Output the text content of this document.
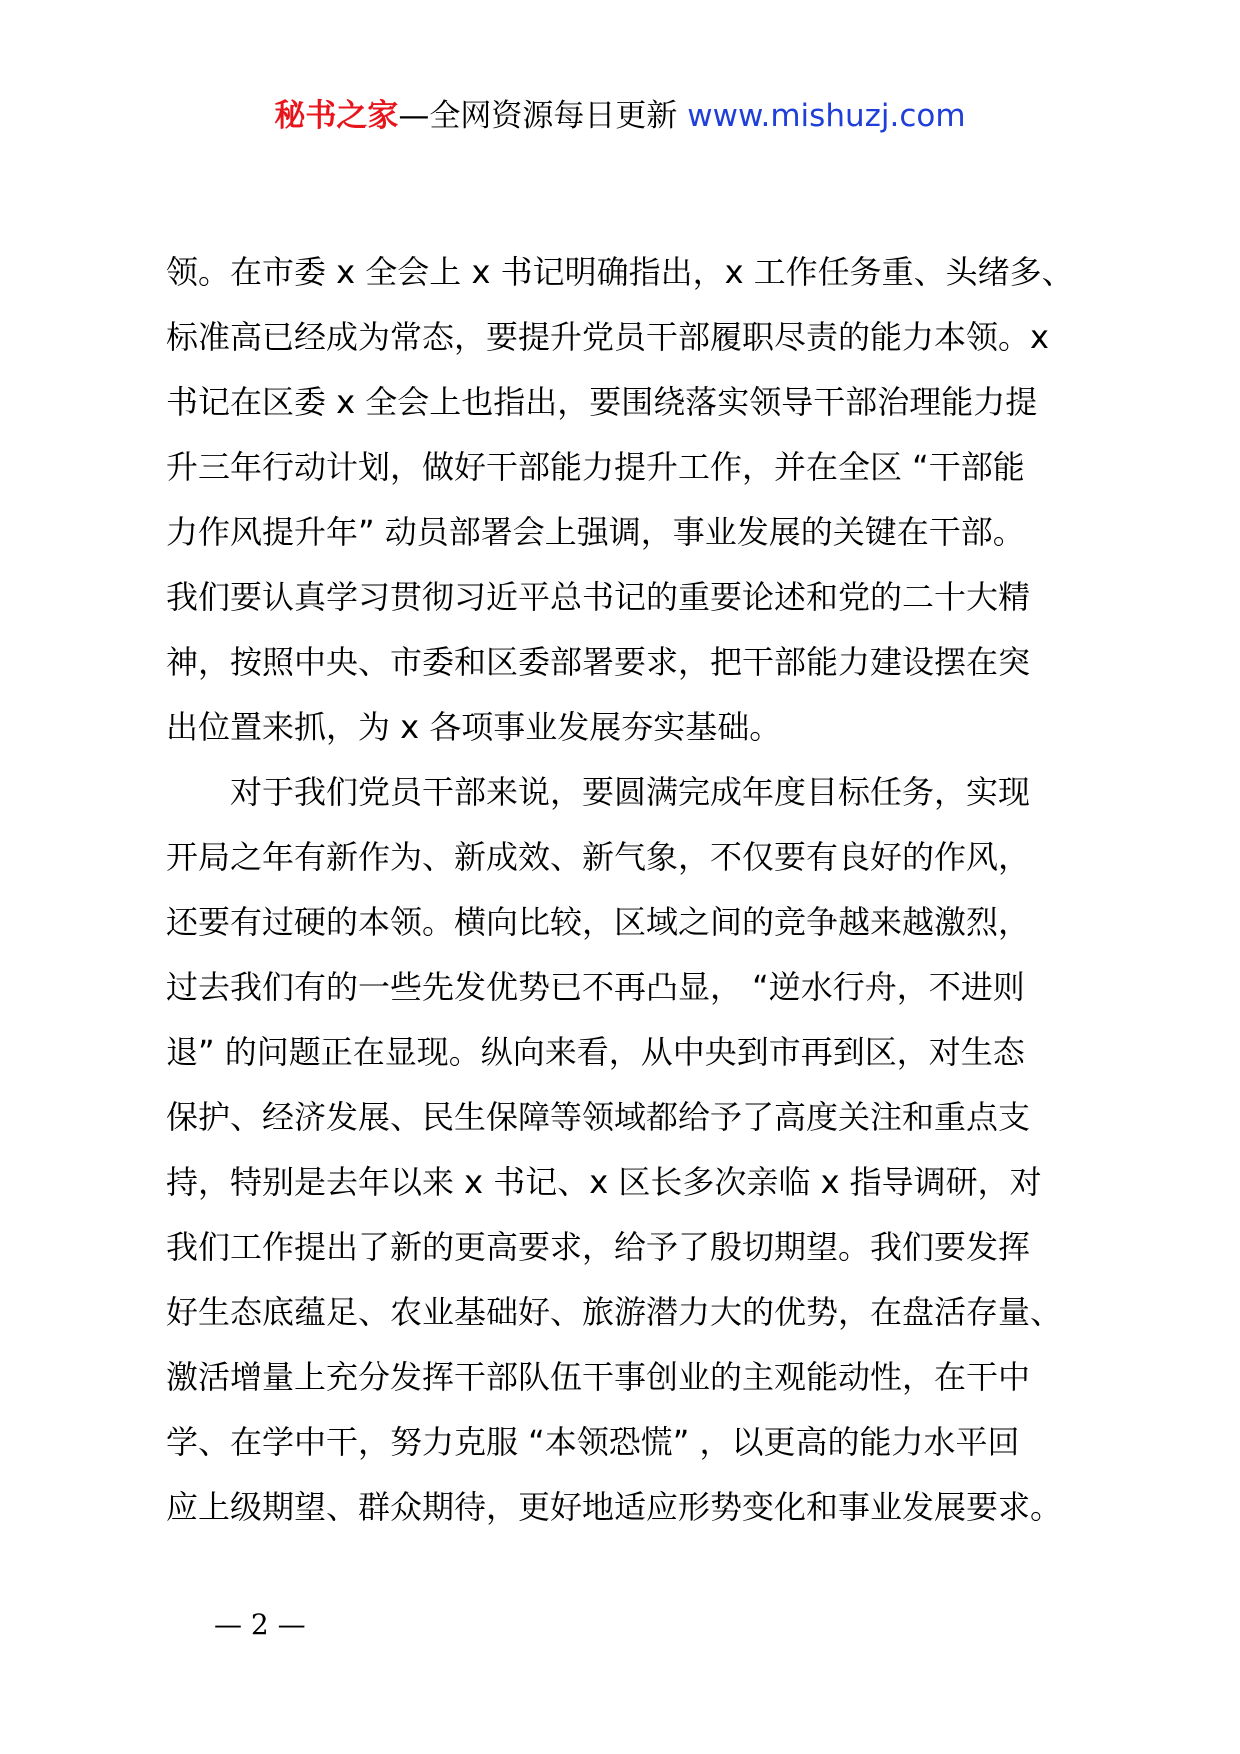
秘书之家—全网资源每日更新 www.mishuzj.com
领。在市委 x 全会上 x 书记明确指出，x 工作任务重、头绪多、
标准高已经成为常态，要提升党员干部履职尽责的能力本领。x
书记在区委 x 全会上也指出，要围绕落实领导干部治理能力提
升三年行动计划，做好干部能力提升工作，并在全区 “干部能
力作风提升年” 动员部署会上强调，事业发展的关键在干部。
我们要认真学习贯彻习近平总书记的重要论述和党的二十大精
神，按照中央、市委和区委部署要求，把干部能力建设摆在突
出位置来抓，为 x 各项事业发展夯实基础。
对于我们党员干部来说，要圆满完成年度目标任务，实现
开局之年有新作为、新成效、新气象，不仅要有良好的作风，
还要有过硬的本领。横向比较，区域之间的竞争越来越激烈，
过去我们有的一些先发优势已不再凸显， “逆水行舟，不进则
退” 的问题正在显现。纵向来看，从中央到市再到区，对生态
保护、经济发展、民生保障等领域都给予了高度关注和重点支
持，特别是去年以来 x 书记、x 区长多次亲临 x 指导调研，对
我们工作提出了新的更高要求，给予了殷切期望。我们要发挥
好生态底蕴足、农业基础好、旅游潜力大的优势，在盘活存量、
激活增量上充分发挥干部队伍干事创业的主观能动性，在干中
学、在学中干，努力克服 “本领恐慌” ，以更高的能力水平回
应上级期望、群众期待，更好地适应形势变化和事业发展要求。
— 2 —
